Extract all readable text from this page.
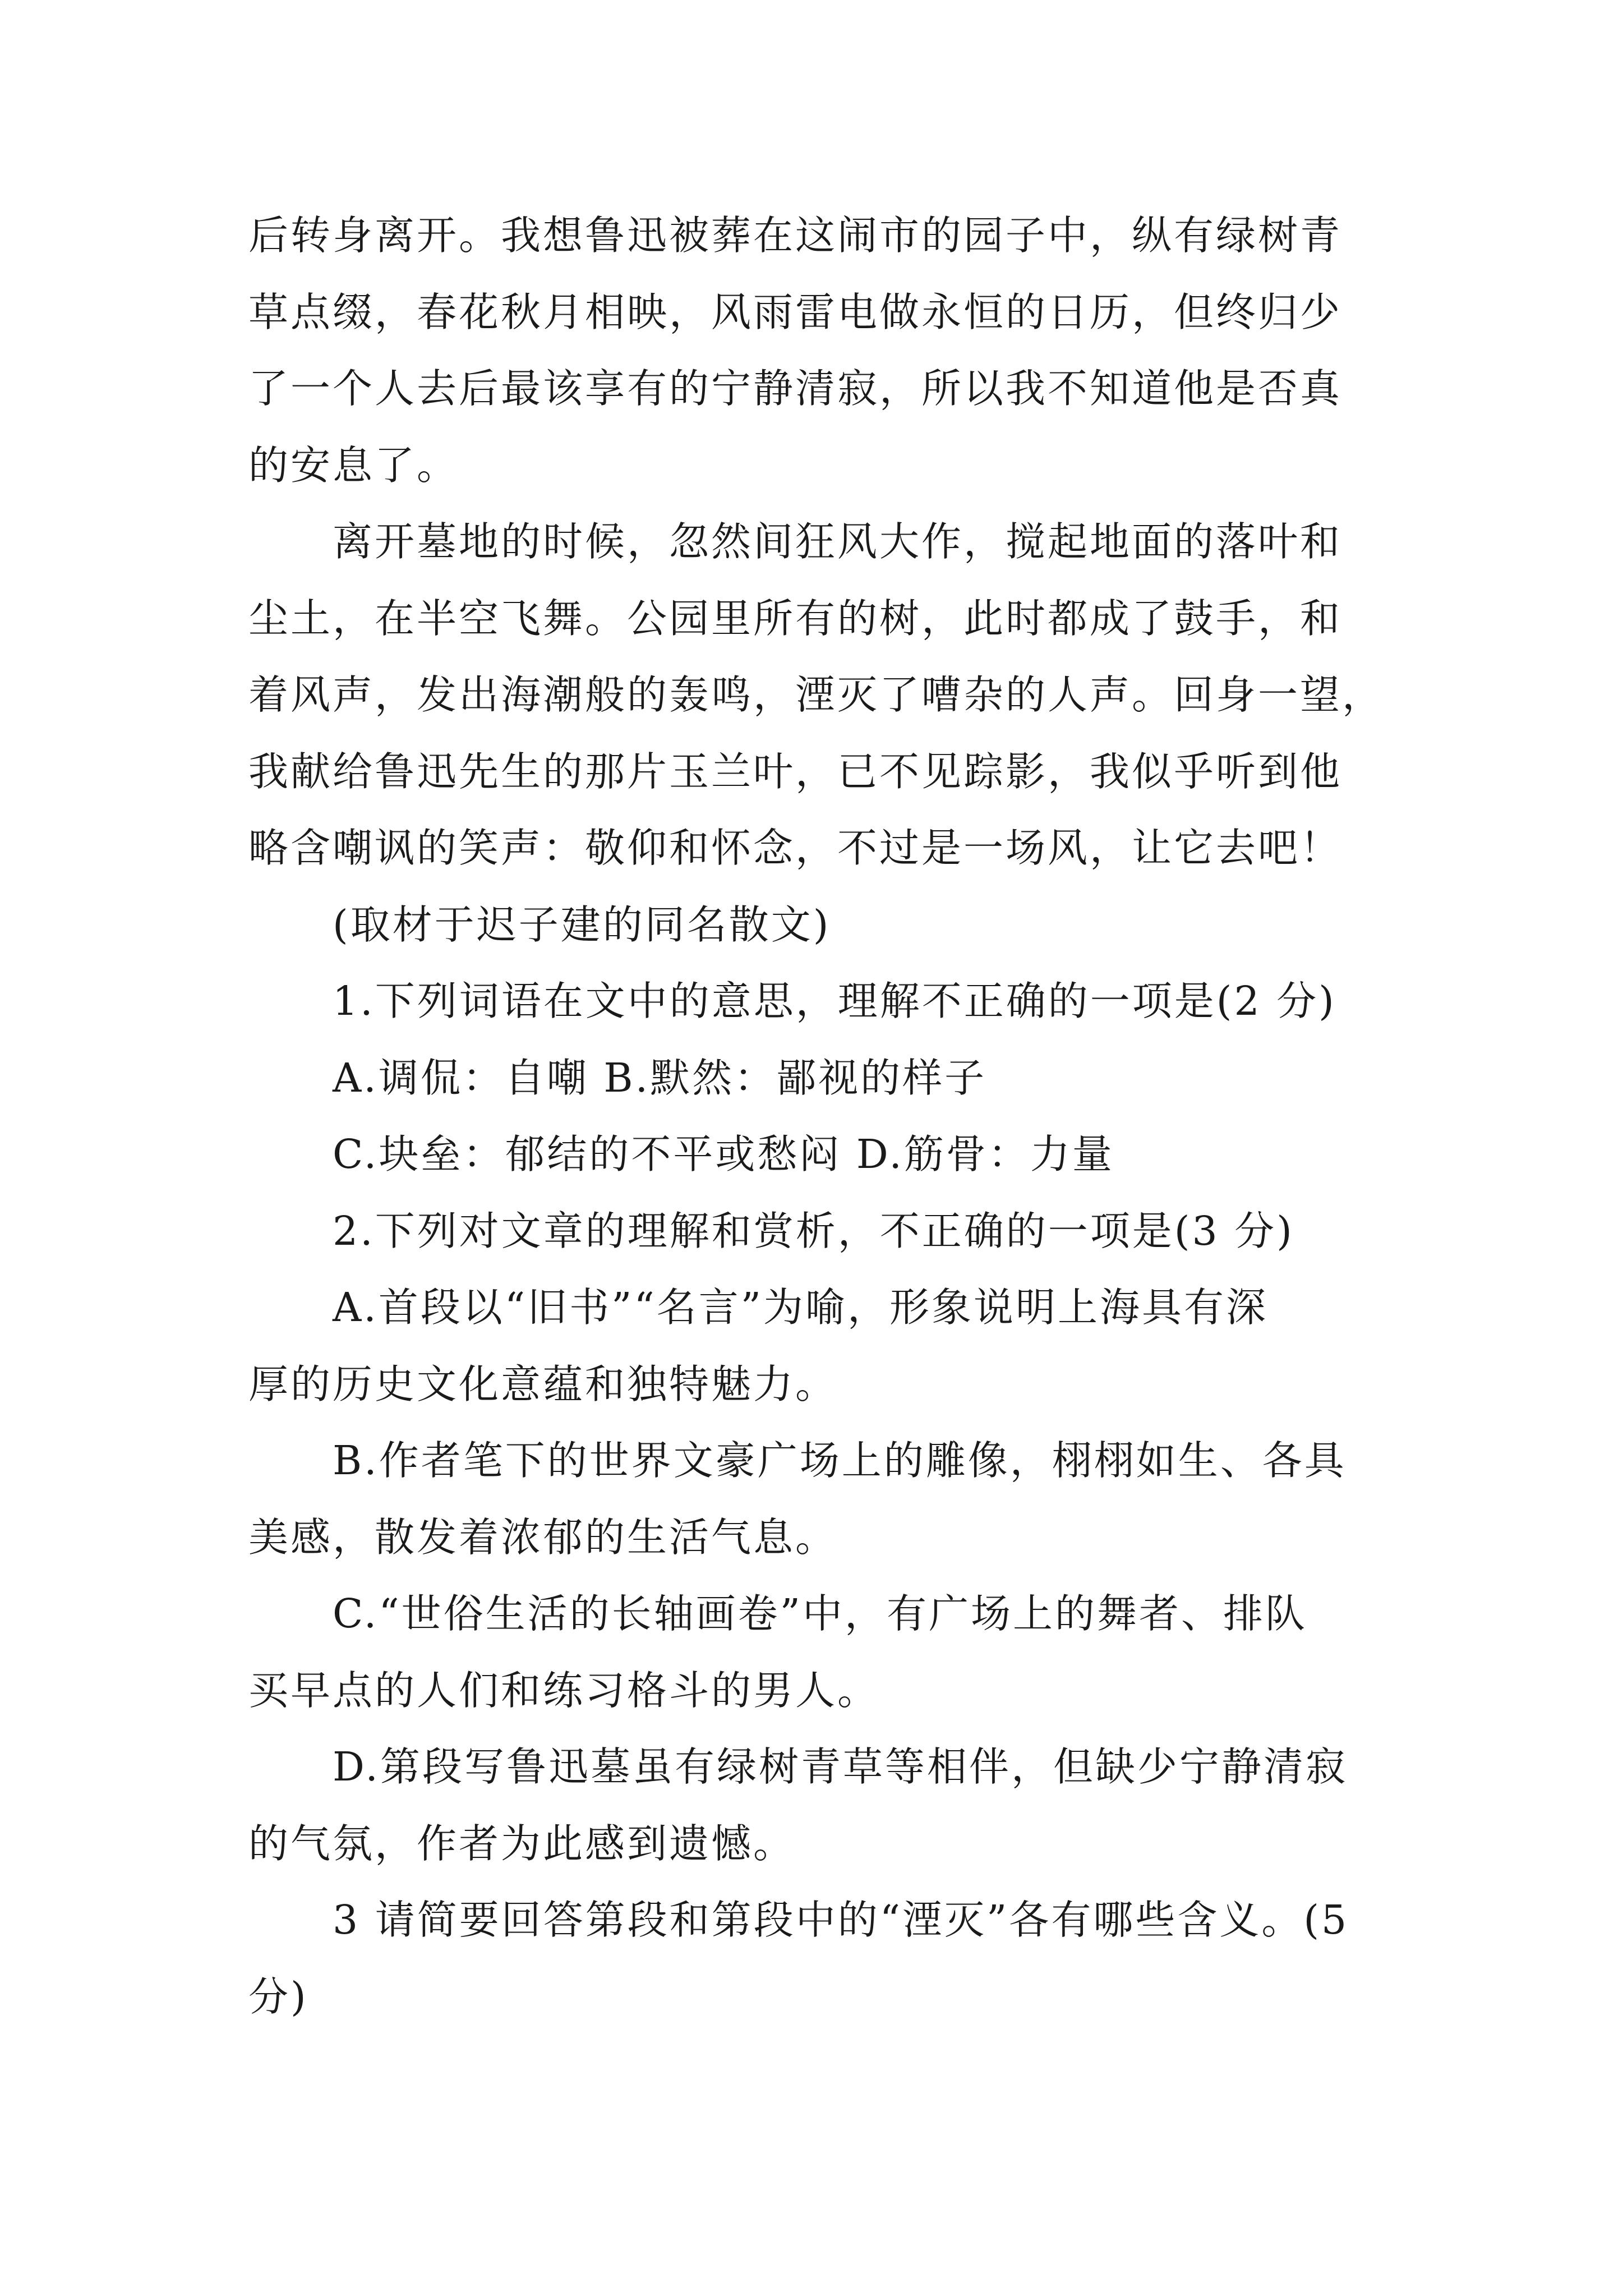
后转身离开。我想鲁迅被葬在这闹市的园子中，纵有绿树青
草点缀，春花秋月相映，风雨雷电做永恒的日历，但终归少
了一个人去后最该享有的宁静清寂，所以我不知道他是否真
的安息了。
离开墓地的时候，忽然间狂风大作，搅起地面的落叶和
尘土，在半空飞舞。公园里所有的树，此时都成了鼓手，和
着风声，发出海潮般的轰鸣，湮灭了嘈杂的人声。回身一望，
我献给鲁迅先生的那片玉兰叶，已不见踪影，我似乎听到他
略含嘲讽的笑声：敬仰和怀念，不过是一场风，让它去吧！
(取材于迟子建的同名散文)
1.下列词语在文中的意思，理解不正确的一项是(2 分)
A.调侃：自嘲 B.默然：鄙视的样子
C.块垒：郁结的不平或愁闷 D.筋骨：力量
2.下列对文章的理解和赏析，不正确的一项是(3 分)
A.首段以“旧书”“名言”为喻，形象说明上海具有深
厚的历史文化意蕴和独特魅力。
B.作者笔下的世界文豪广场上的雕像，栩栩如生、各具
美感，散发着浓郁的生活气息。
C.“世俗生活的长轴画卷”中，有广场上的舞者、排队
买早点的人们和练习格斗的男人。
D.第段写鲁迅墓虽有绿树青草等相伴，但缺少宁静清寂
的气氛，作者为此感到遗憾。
3 请简要回答第段和第段中的“湮灭”各有哪些含义。(5
分)
